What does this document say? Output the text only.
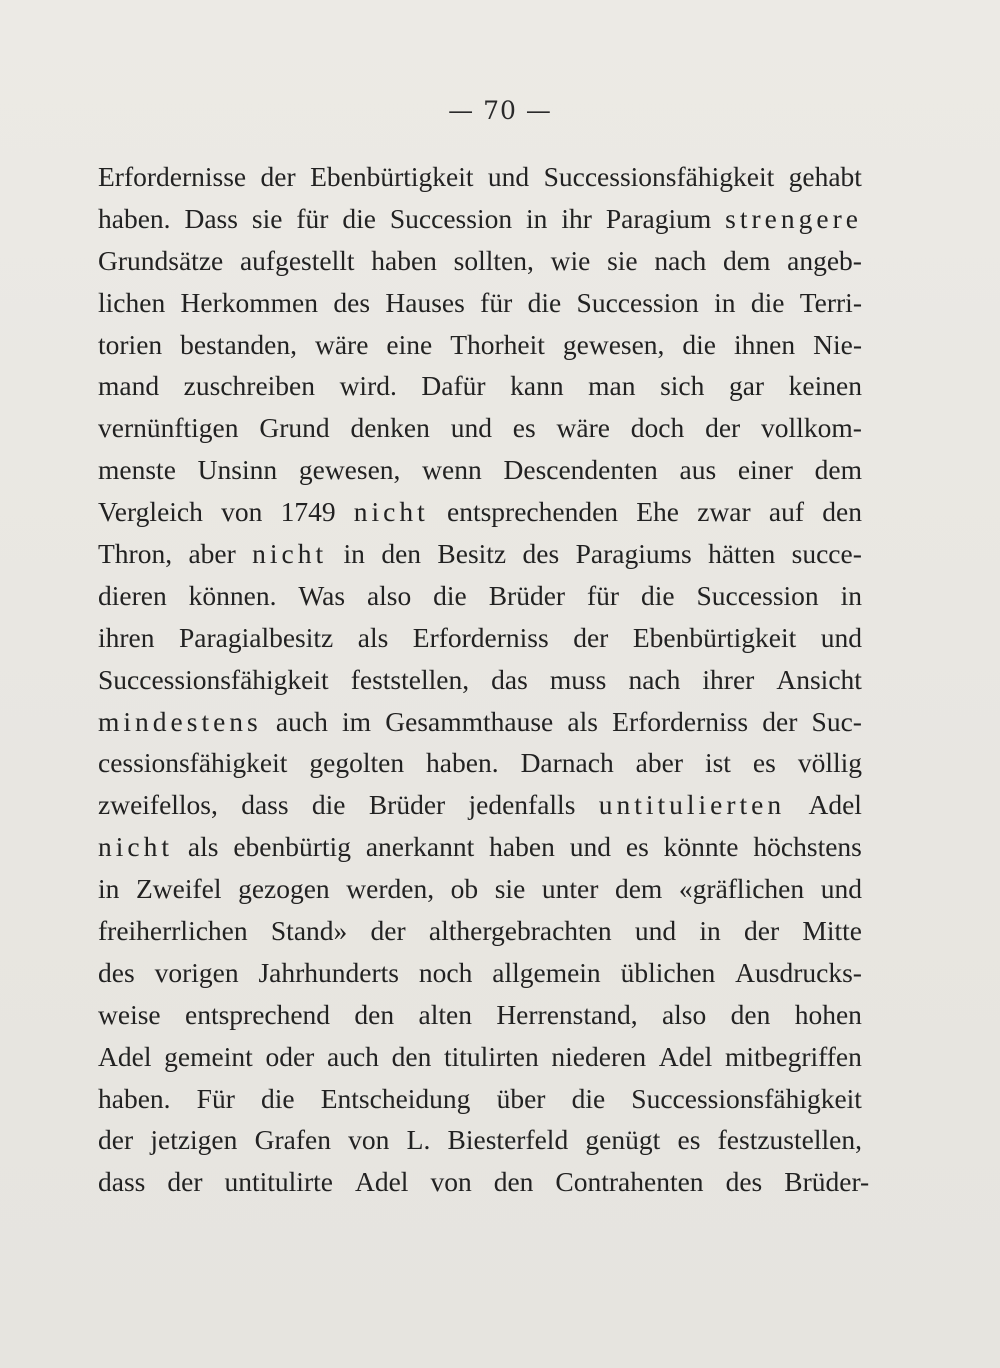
— 70 —
Erfordernisse der Ebenbürtigkeit und Successionsfähigkeit gehabt
haben. Dass sie für die Succession in ihr Paragium strengere
Grundsätze aufgestellt haben sollten, wie sie nach dem angeb-
lichen Herkommen des Hauses für die Succession in die Terri-
torien bestanden, wäre eine Thorheit gewesen, die ihnen Nie-
mand zuschreiben wird. Dafür kann man sich gar keinen
vernünftigen Grund denken und es wäre doch der vollkom-
menste Unsinn gewesen, wenn Descendenten aus einer dem
Vergleich von 1749 nicht entsprechenden Ehe zwar auf den
Thron, aber nicht in den Besitz des Paragiums hätten succe-
dieren können. Was also die Brüder für die Succession in
ihren Paragialbesitz als Erforderniss der Ebenbürtigkeit und
Successionsfähigkeit feststellen, das muss nach ihrer Ansicht
mindestens auch im Gesammthause als Erforderniss der Suc-
cessionsfähigkeit gegolten haben. Darnach aber ist es völlig
zweifellos, dass die Brüder jedenfalls untitulierten Adel
nicht als ebenbürtig anerkannt haben und es könnte höchstens
in Zweifel gezogen werden, ob sie unter dem «gräflichen und
freiherrlichen Stand» der althergebrachten und in der Mitte
des vorigen Jahrhunderts noch allgemein üblichen Ausdrucks-
weise entsprechend den alten Herrenstand, also den hohen
Adel gemeint oder auch den titulirten niederen Adel mitbegriffen
haben. Für die Entscheidung über die Successionsfähigkeit
der jetzigen Grafen von L. Biesterfeld genügt es festzustellen,
dass der untitulirte Adel von den Contrahenten des Brüder-
